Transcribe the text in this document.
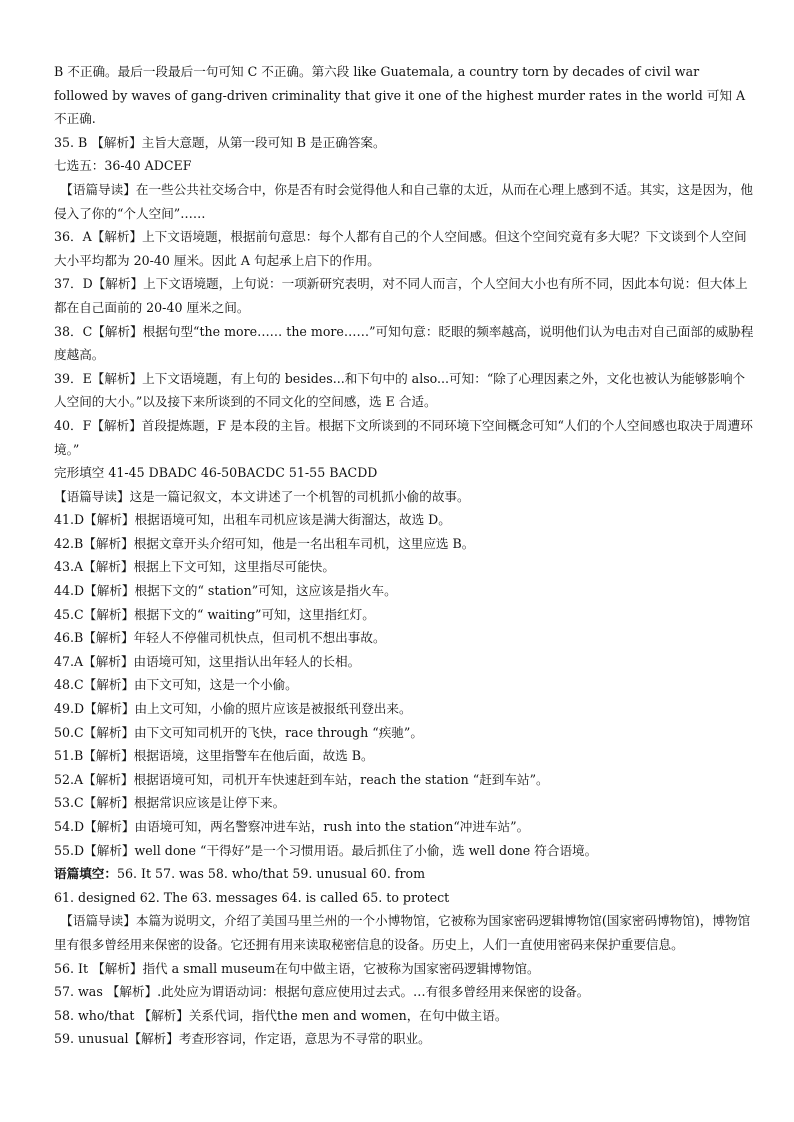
B 不正确。最后一段最后一句可知 C 不正确。第六段 like Guatemala, a country torn by decades of civil war followed by waves of gang-driven criminality that give it one of the highest murder rates in the world 可知 A 不正确.

35. B 【解析】主旨大意题，从第一段可知 B 是正确答案。

七选五：36-40 ADCEF

【语篇导读】在一些公共社交场合中，你是否有时会觉得他人和自己靠的太近，从而在心理上感到不适。其实，这是因为，他侵入了你的“个人空间”……

36．A【解析】上下文语境题，根据前句意思：每个人都有自己的个人空间感。但这个空间究竟有多大呢？下文谈到个人空间大小平均都为 20-40 厘米。因此 A 句起承上启下的作用。

37．D【解析】上下文语境题，上句说：一项新研究表明，对不同人而言，个人空间大小也有所不同，因此本句说：但大体上都在自己面前的 20-40 厘米之间。

38．C【解析】根据句型“the more…… the more……”可知句意：眨眼的频率越高，说明他们认为电击对自己面部的威胁程度越高。

39．E【解析】上下文语境题，有上句的 besides...和下句中的 also...可知：“除了心理因素之外，文化也被认为能够影响个人空间的大小。”以及接下来所谈到的不同文化的空间感，选 E 合适。

40．F【解析】首段提炼题，F 是本段的主旨。根据下文所谈到的不同环境下空间概念可知“人们的个人空间感也取决于周遭环境。”

完形填空 41-45 DBADC 46-50BACDC 51-55 BACDD

【语篇导读】这是一篇记叙文，本文讲述了一个机智的司机抓小偷的故事。

41.D【解析】根据语境可知，出租车司机应该是满大街溜达，故选 D。

42.B【解析】根据文章开头介绍可知，他是一名出租车司机，这里应选 B。

43.A【解析】根据上下文可知，这里指尽可能快。

44.D【解析】根据下文的“ station”可知，这应该是指火车。

45.C【解析】根据下文的“ waiting”可知，这里指红灯。

46.B【解析】年轻人不停催司机快点，但司机不想出事故。

47.A【解析】由语境可知，这里指认出年轻人的长相。

48.C【解析】由下文可知，这是一个小偷。

49.D【解析】由上文可知，小偷的照片应该是被报纸刊登出来。

50.C【解析】由下文可知司机开的飞快，race through “疾驰”。

51.B【解析】根据语境，这里指警车在他后面，故选 B。

52.A【解析】根据语境可知，司机开车快速赶到车站，reach the station “赶到车站”。

53.C【解析】根据常识应该是让停下来。

54.D【解析】由语境可知，两名警察冲进车站，rush into the station“冲进车站”。

55.D【解析】well done “干得好”是一个习惯用语。最后抓住了小偷，选 well done 符合语境。

语篇填空：56. It 57. was 58. who/that 59. unusual 60. from

61. designed 62. The 63. messages 64. is called 65. to protect

【语篇导读】本篇为说明文，介绍了美国马里兰州的一个小博物馆，它被称为国家密码逻辑博物馆(国家密码博物馆)，博物馆里有很多曾经用来保密的设备。它还拥有用来读取秘密信息的设备。历史上，人们一直使用密码来保护重要信息。

56. It 【解析】指代 a small museum在句中做主语，它被称为国家密码逻辑博物馆。

57. was 【解析】.此处应为谓语动词：根据句意应使用过去式。…有很多曾经用来保密的设备。

58. who/that 【解析】关系代词，指代the men and women，在句中做主语。

59. unusual【解析】考查形容词，作定语，意思为不寻常的职业。
